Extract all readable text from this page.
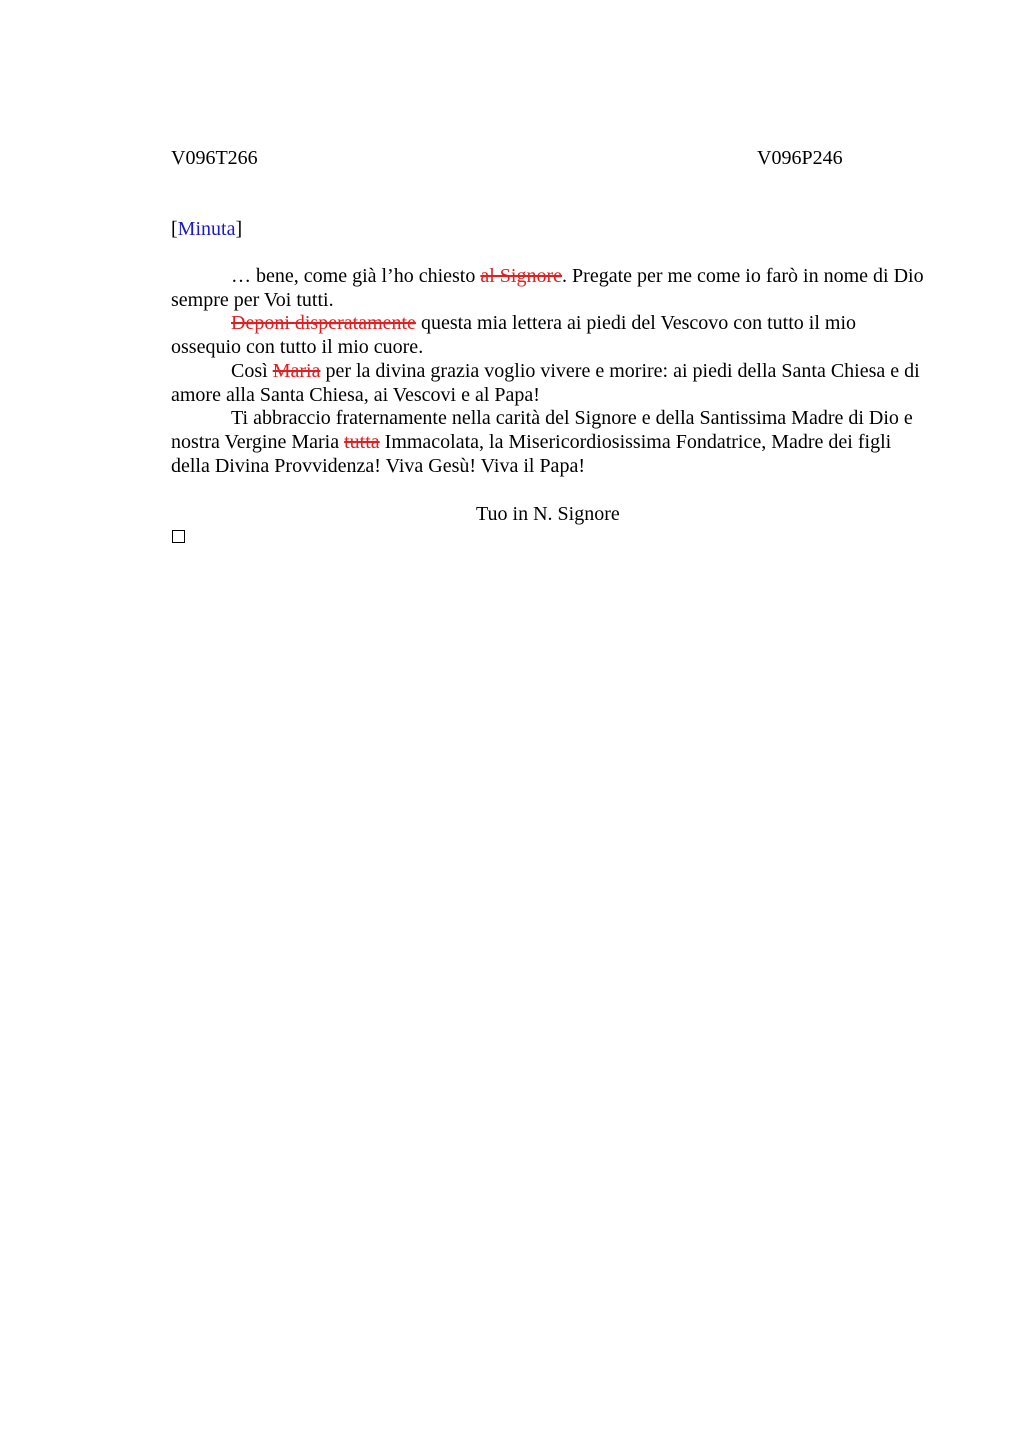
V096T266	V096P246
[Minuta]

… bene, come già l’ho chiesto al Signore. Pregate per me come io farò in nome di Dio sempre per Voi tutti.

Deponi disperatamente questa mia lettera ai piedi del Vescovo con tutto il mio ossequio con tutto il mio cuore.

Così Maria per la divina grazia voglio vivere e morire: ai piedi della Santa Chiesa e di amore alla Santa Chiesa, ai Vescovi e al Papa!

Ti abbraccio fraternamente nella carità del Signore e della Santissima Madre di Dio e nostra Vergine Maria tutta Immacolata, la Misericordiosissima Fondatrice, Madre dei figli della Divina Provvidenza! Viva Gesù! Viva il Papa!

Tuo in N. Signore
